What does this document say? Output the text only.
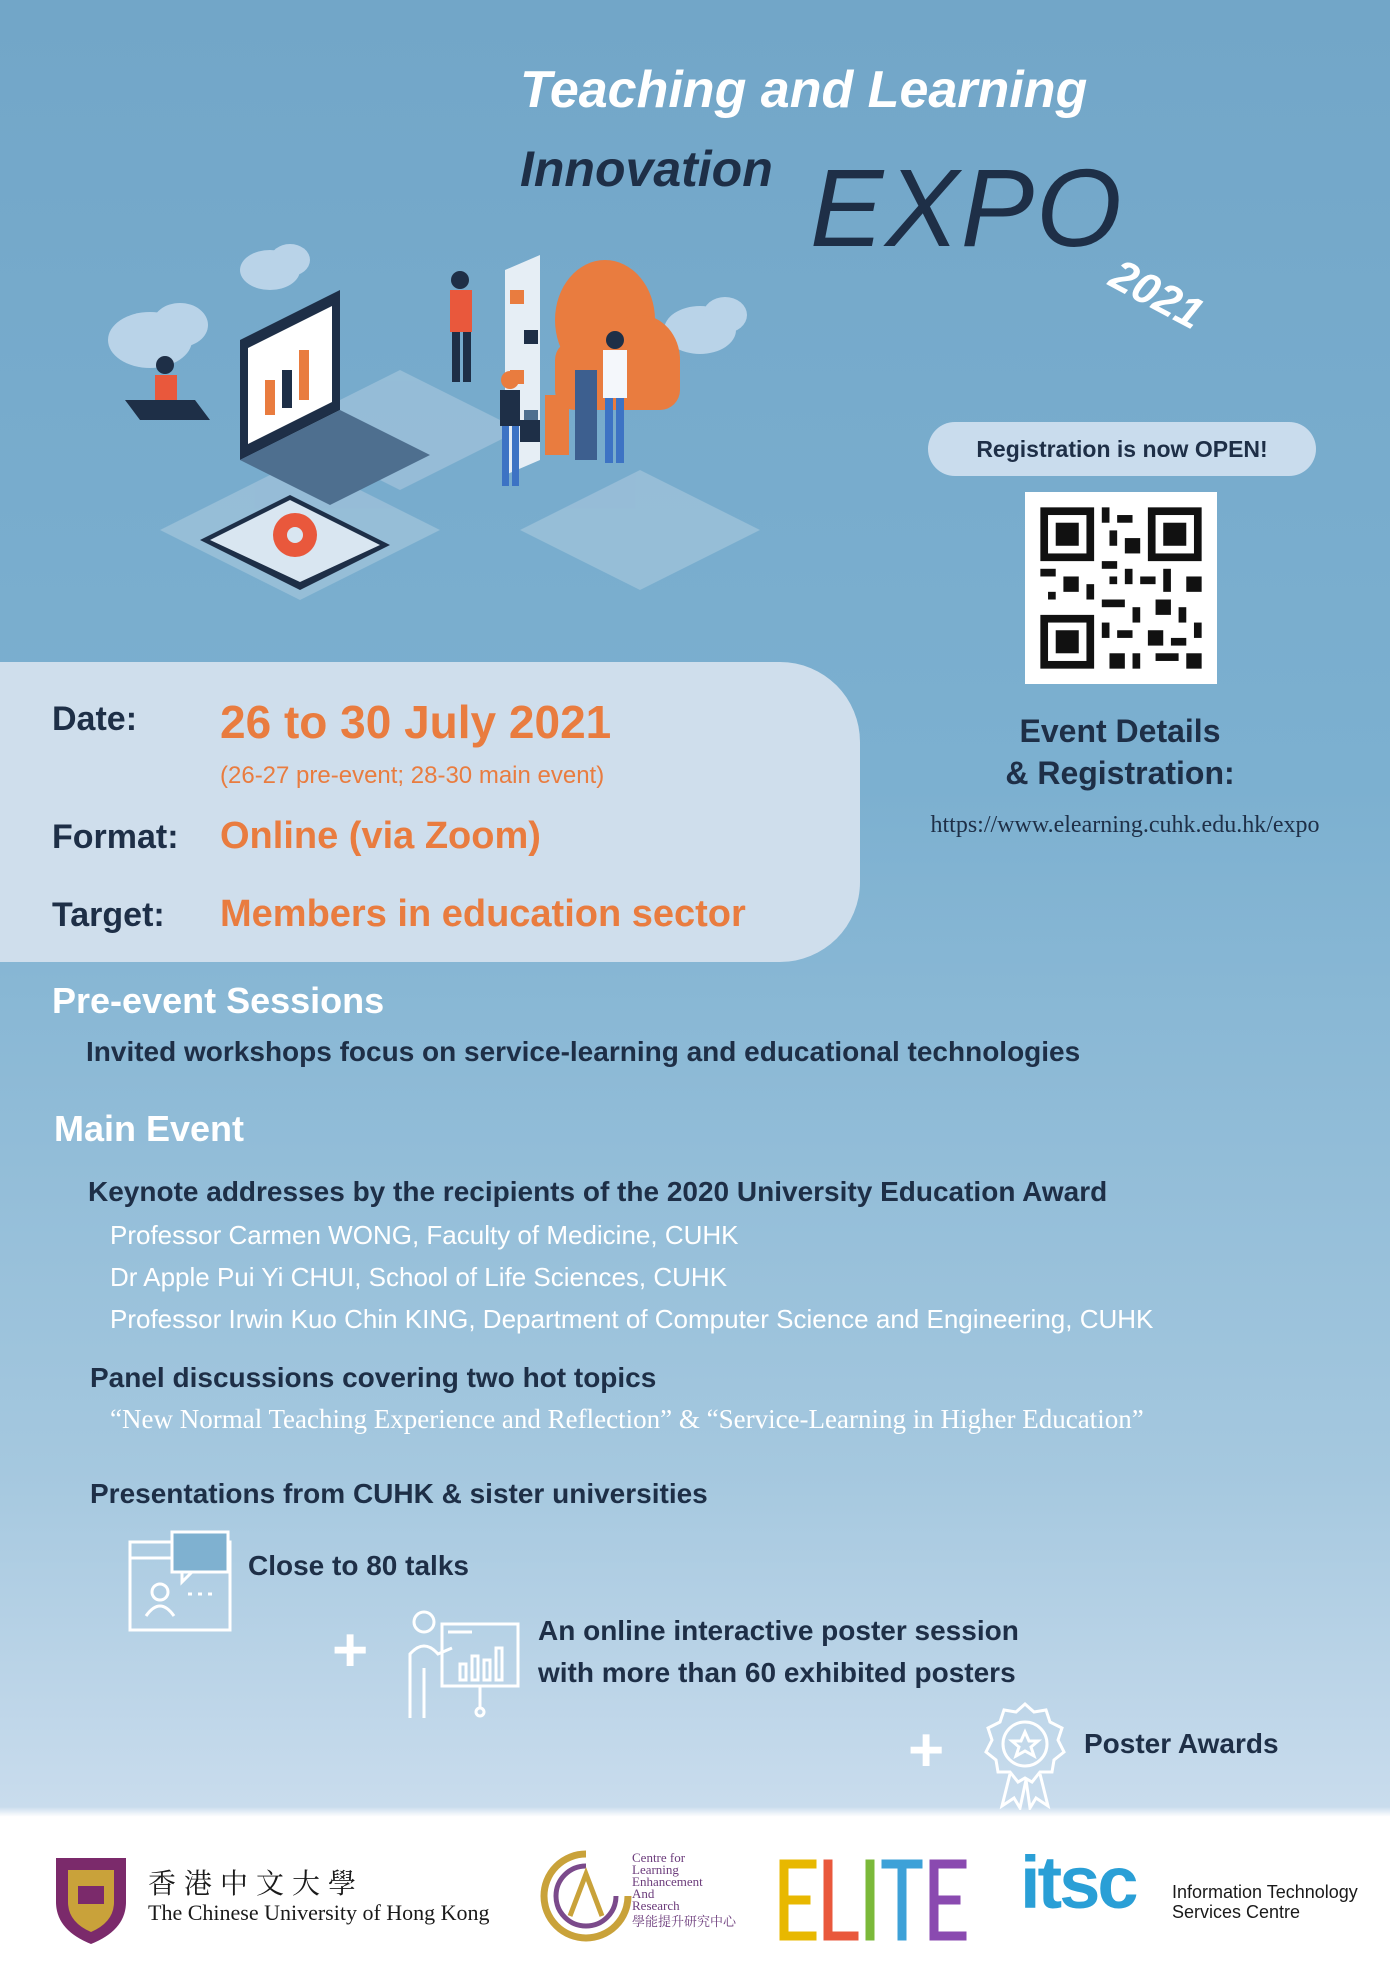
Teaching and Learning
Innovation EXPO
2021
Registration is now OPEN!
Event Details
& Registration:
https://www.elearning.cuhk.edu.hk/expo
Date: 26 to 30 July 2021
(26-27 pre-event; 28-30 main event)
Format: Online (via Zoom)
Target: Members in education sector
Pre-event Sessions
Invited workshops focus on service-learning and educational technologies
Main Event
Keynote addresses by the recipients of the 2020 University Education Award
Professor Carmen WONG, Faculty of Medicine, CUHK
Dr Apple Pui Yi CHUI, School of Life Sciences, CUHK
Professor Irwin Kuo Chin KING, Department of Computer Science and Engineering, CUHK
Panel discussions covering two hot topics
“New Normal Teaching Experience and Reflection” & “Service-Learning in Higher Education”
Presentations from CUHK & sister universities
Close to 80 talks
+	An online interactive poster session
with more than 60 exhibited posters
+	Poster Awards
香港中文大學
The Chinese University of Hong Kong
Centre for
Learning
Enhancement
And
Research
學能提升研究中心	itsc Information Technology
Services Centre
